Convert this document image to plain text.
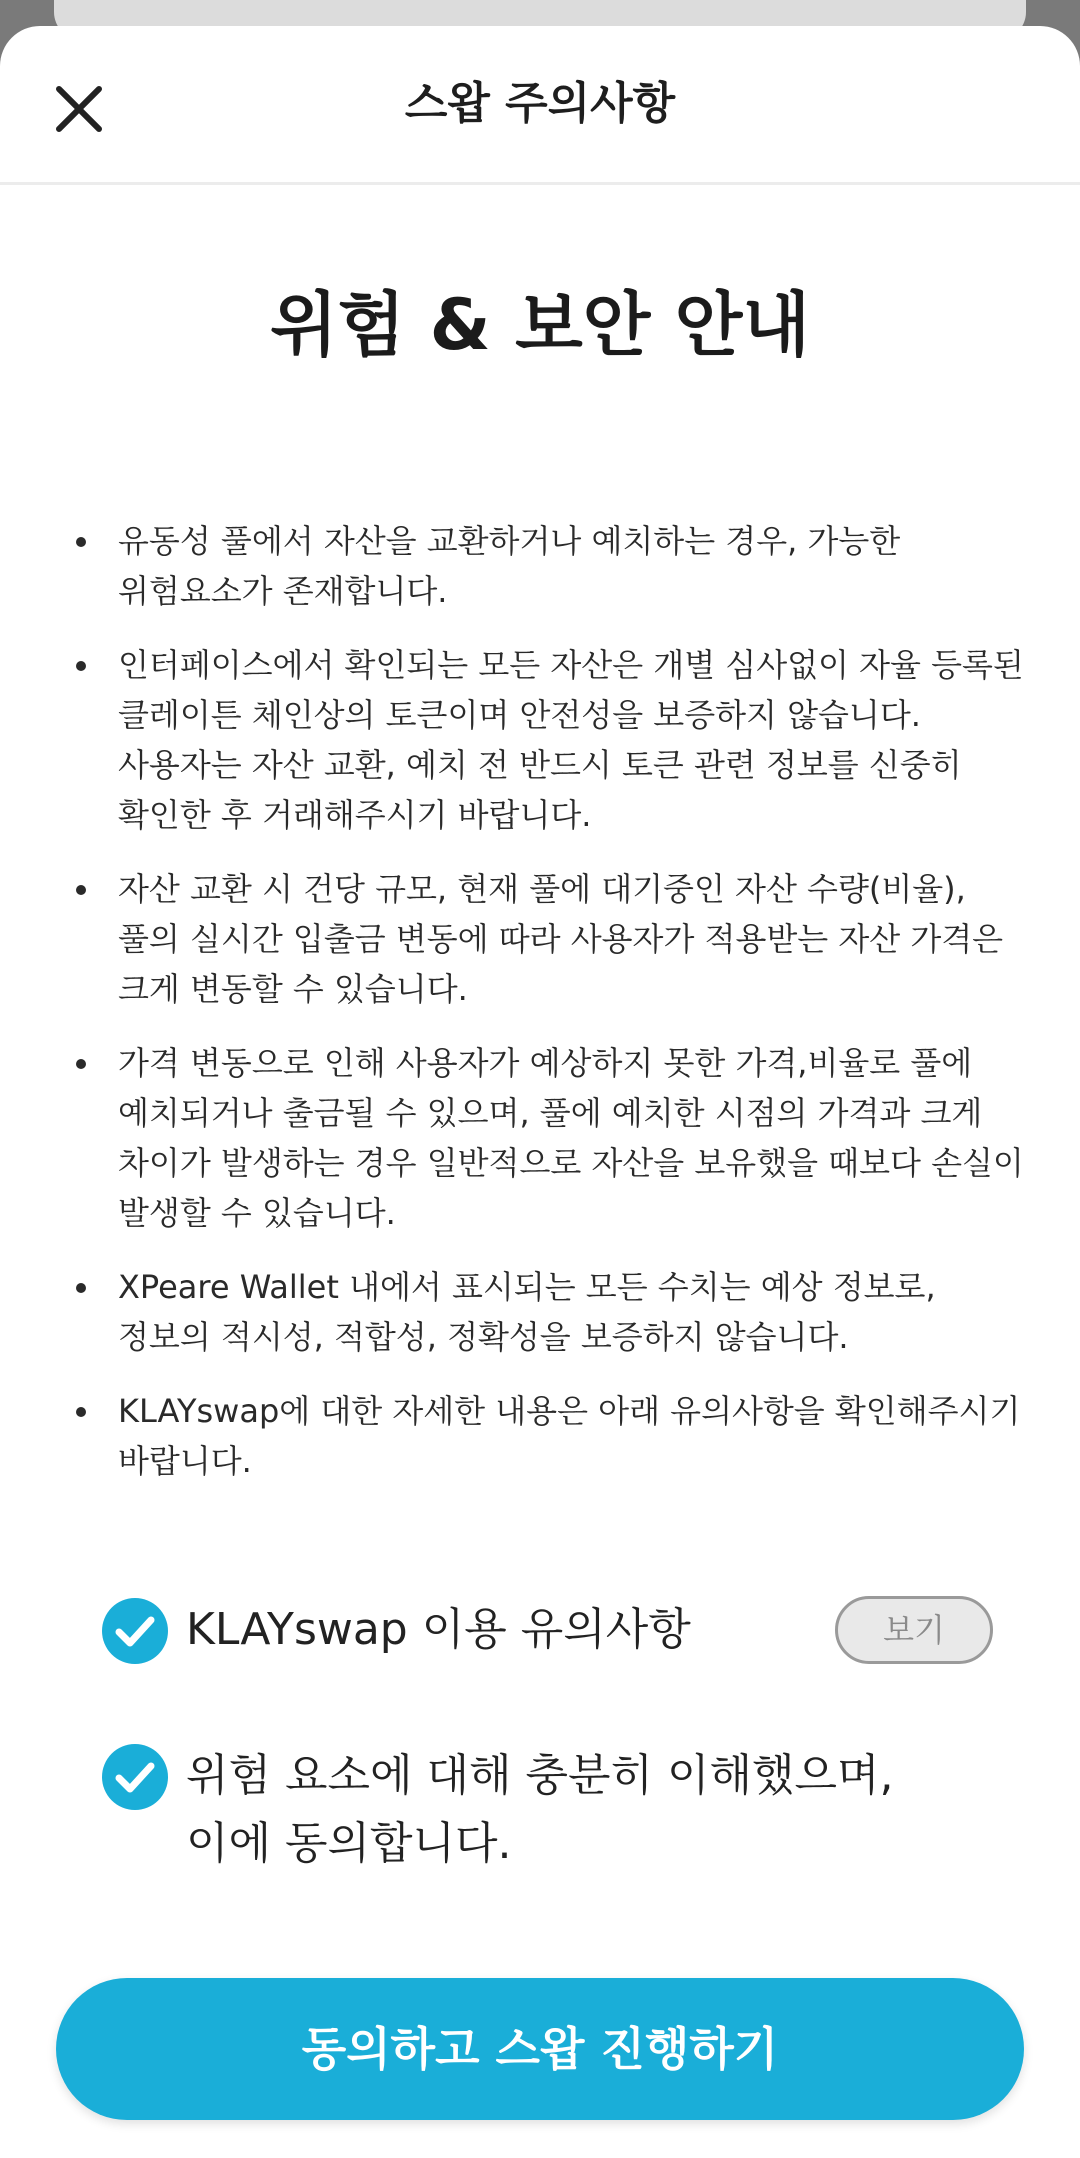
스왑 주의사항
위험 & 보안 안내
유동성 풀에서 자산을 교환하거나 예치하는 경우, 가능한 위험요소가 존재합니다.
인터페이스에서 확인되는 모든 자산은 개별 심사없이 자율 등록된 클레이튼 체인상의 토큰이며 안전성을 보증하지 않습니다. 사용자는 자산 교환, 예치 전 반드시 토큰 관련 정보를 신중히 확인한 후 거래해주시기 바랍니다.
자산 교환 시 건당 규모, 현재 풀에 대기중인 자산 수량(비율), 풀의 실시간 입출금 변동에 따라 사용자가 적용받는 자산 가격은 크게 변동할 수 있습니다.
가격 변동으로 인해 사용자가 예상하지 못한 가격,비율로 풀에 예치되거나 출금될 수 있으며, 풀에 예치한 시점의 가격과 크게 차이가 발생하는 경우 일반적으로 자산을 보유했을 때보다 손실이 발생할 수 있습니다.
XPeare Wallet 내에서 표시되는 모든 수치는 예상 정보로, 정보의 적시성, 적합성, 정확성을 보증하지 않습니다.
KLAYswap에 대한 자세한 내용은 아래 유의사항을 확인해주시기 바랍니다.
KLAYswap 이용 유의사항	보기
위험 요소에 대해 충분히 이해했으며, 이에 동의합니다.
동의하고 스왑 진행하기
